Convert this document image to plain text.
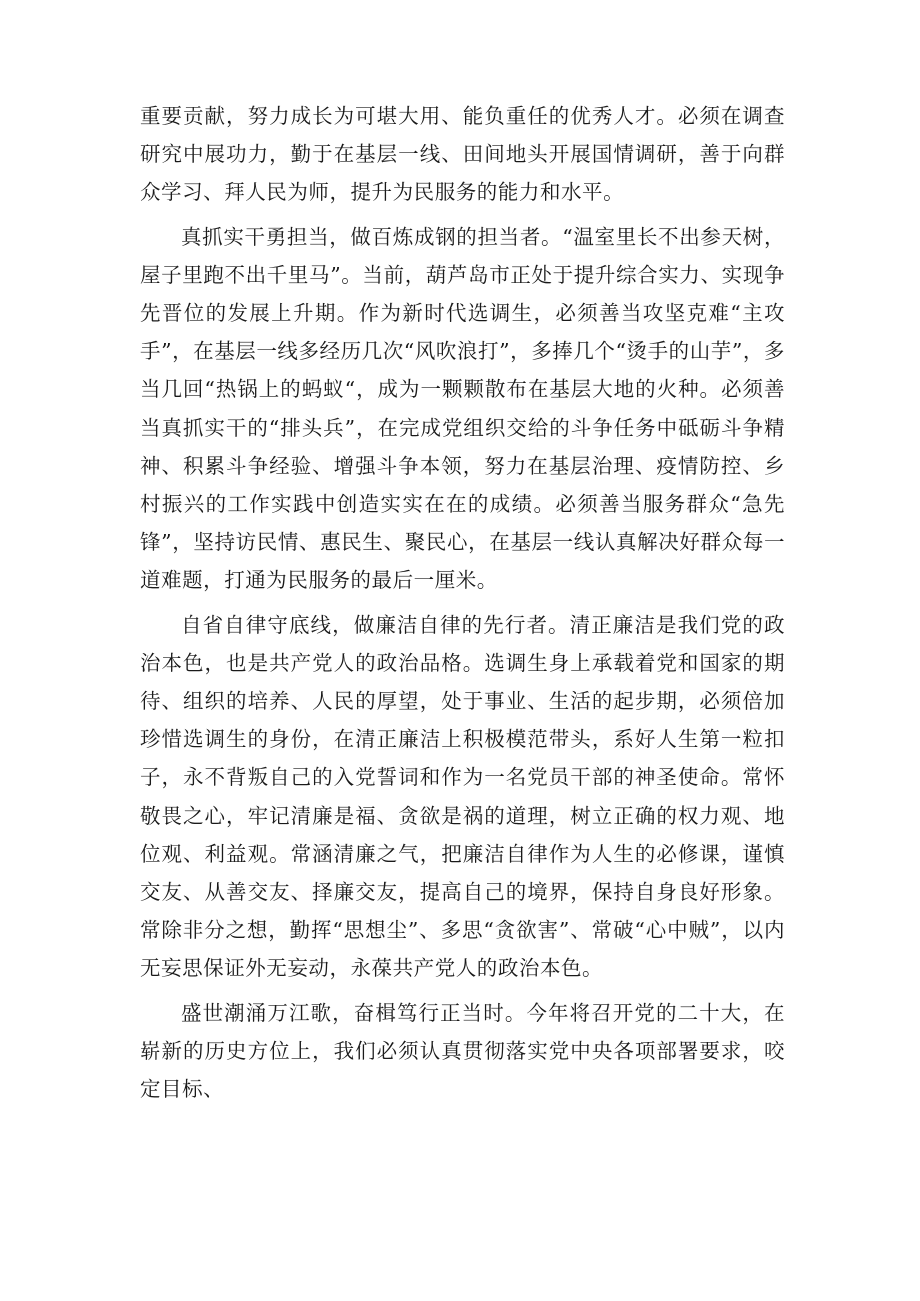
重要贡献，努力成长为可堪大用、能负重任的优秀人才。必须在调查研究中展功力，勤于在基层一线、田间地头开展国情调研，善于向群众学习、拜人民为师，提升为民服务的能力和水平。

真抓实干勇担当，做百炼成钢的担当者。“温室里长不出参天树，屋子里跑不出千里马”。当前，葫芦岛市正处于提升综合实力、实现争先晋位的发展上升期。作为新时代选调生，必须善当攻坚克难“主攻手”，在基层一线多经历几次“风吹浪打”，多捧几个“烫手的山芋”，多当几回“热锅上的蚂蚁“，成为一颗颗散布在基层大地的火种。必须善当真抓实干的“排头兵”，在完成党组织交给的斗争任务中砥砺斗争精神、积累斗争经验、增强斗争本领，努力在基层治理、疫情防控、乡村振兴的工作实践中创造实实在在的成绩。必须善当服务群众“急先锋”，坚持访民情、惠民生、聚民心，在基层一线认真解决好群众每一道难题，打通为民服务的最后一厘米。

自省自律守底线，做廉洁自律的先行者。清正廉洁是我们党的政治本色，也是共产党人的政治品格。选调生身上承载着党和国家的期待、组织的培养、人民的厚望，处于事业、生活的起步期，必须倍加珍惜选调生的身份，在清正廉洁上积极模范带头，系好人生第一粒扣子，永不背叛自己的入党誓词和作为一名党员干部的神圣使命。常怀敬畏之心，牢记清廉是福、贪欲是祸的道理，树立正确的权力观、地位观、利益观。常涵清廉之气，把廉洁自律作为人生的必修课，谨慎交友、从善交友、择廉交友，提高自己的境界，保持自身良好形象。常除非分之想，勤挥“思想尘”、多思“贪欲害”、常破“心中贼”，以内无妄思保证外无妄动，永葆共产党人的政治本色。

盛世潮涌万江歌，奋楫笃行正当时。今年将召开党的二十大，在崭新的历史方位上，我们必须认真贯彻落实党中央各项部署要求，咬定目标、
